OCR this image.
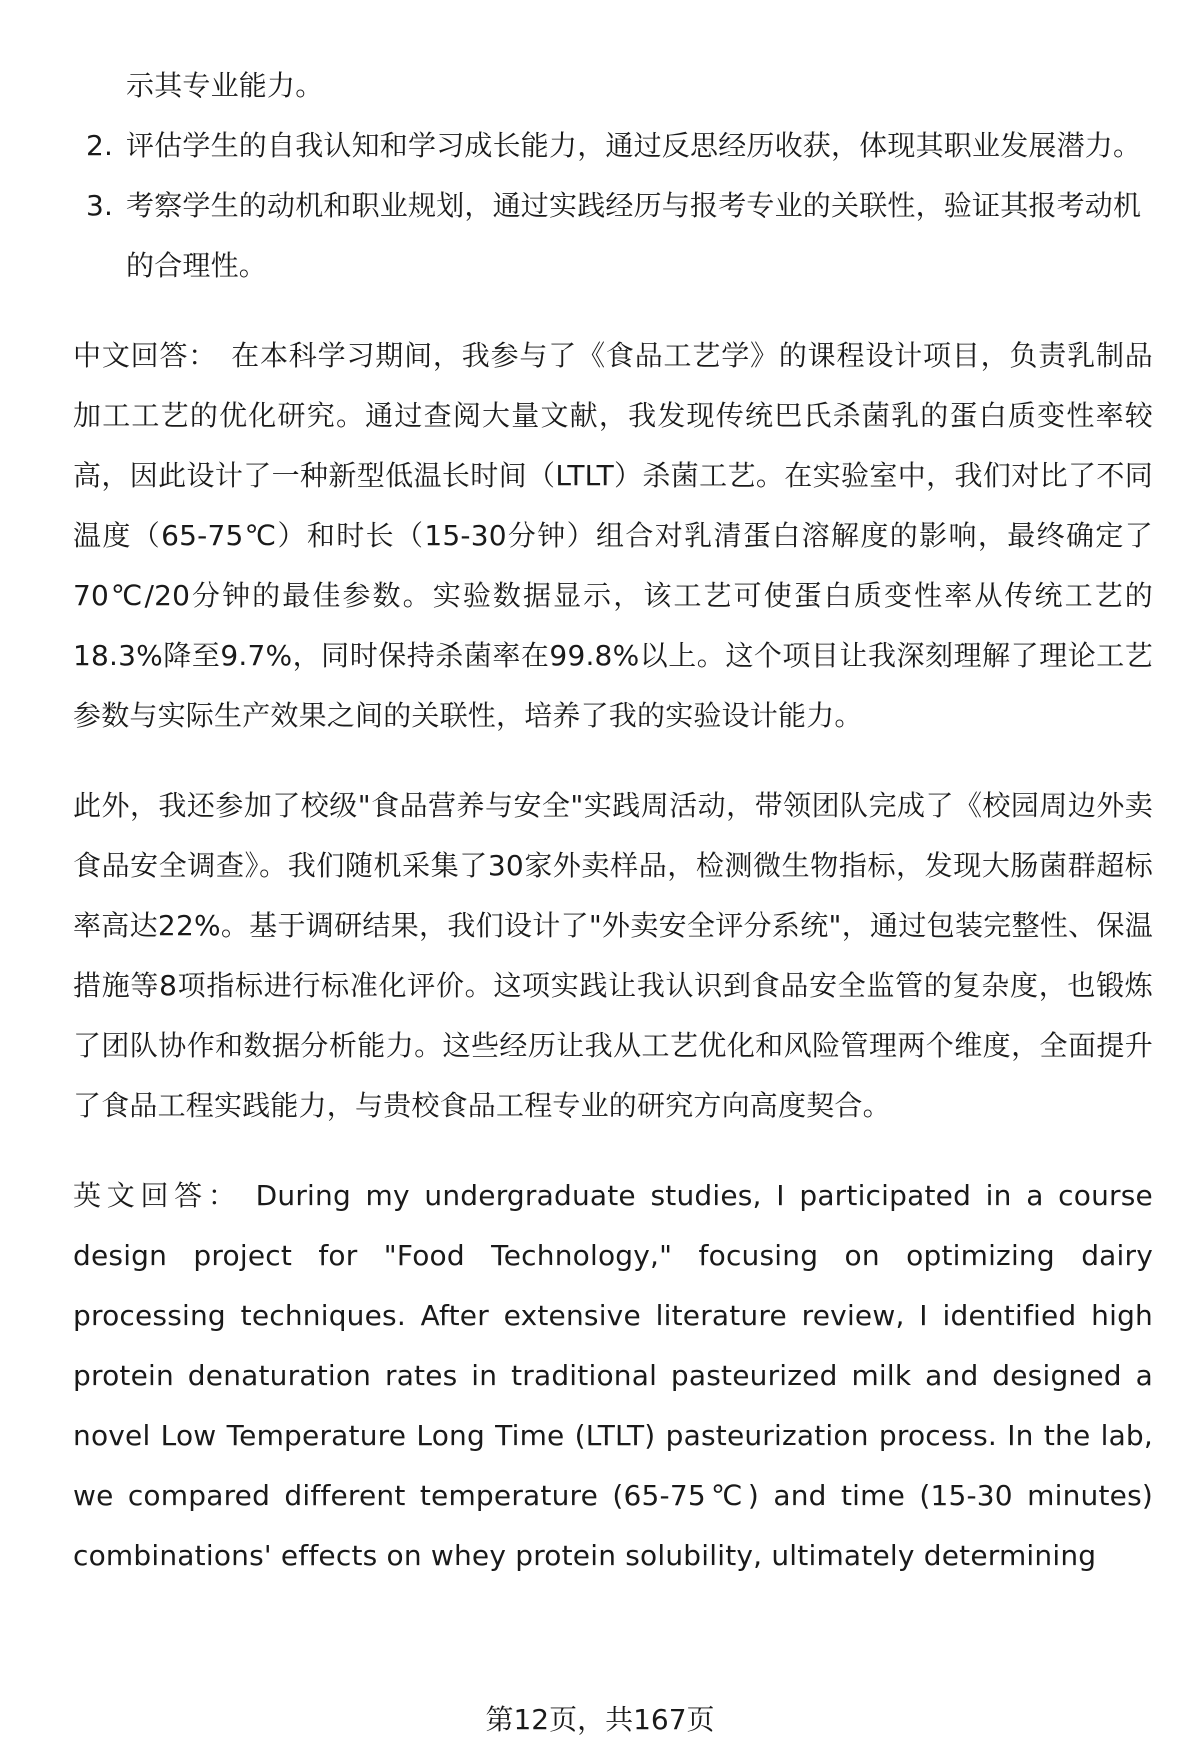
示其专业能力。
2. 评估学生的自我认知和学习成长能力，通过反思经历收获，体现其职业发展潜力。
3. 考察学生的动机和职业规划，通过实践经历与报考专业的关联性，验证其报考动机的合理性。

中文回答： 在本科学习期间，我参与了《食品工艺学》的课程设计项目，负责乳制品加工工艺的优化研究。通过查阅大量文献，我发现传统巴氏杀菌乳的蛋白质变性率较高，因此设计了一种新型低温长时间（LTLT）杀菌工艺。在实验室中，我们对比了不同温度（65-75℃）和时长（15-30分钟）组合对乳清蛋白溶解度的影响，最终确定了70℃/20分钟的最佳参数。实验数据显示，该工艺可使蛋白质变性率从传统工艺的18.3%降至9.7%，同时保持杀菌率在99.8%以上。这个项目让我深刻理解了理论工艺参数与实际生产效果之间的关联性，培养了我的实验设计能力。

此外，我还参加了校级"食品营养与安全"实践周活动，带领团队完成了《校园周边外卖食品安全调查》。我们随机采集了30家外卖样品，检测微生物指标，发现大肠菌群超标率高达22%。基于调研结果，我们设计了"外卖安全评分系统"，通过包装完整性、保温措施等8项指标进行标准化评价。这项实践让我认识到食品安全监管的复杂度，也锻炼了团队协作和数据分析能力。这些经历让我从工艺优化和风险管理两个维度，全面提升了食品工程实践能力，与贵校食品工程专业的研究方向高度契合。

英文回答： During my undergraduate studies, I participated in a course design project for "Food Technology," focusing on optimizing dairy processing techniques. After extensive literature review, I identified high protein denaturation rates in traditional pasteurized milk and designed a novel Low Temperature Long Time (LTLT) pasteurization process. In the lab, we compared different temperature (65-75℃) and time (15-30 minutes) combinations' effects on whey protein solubility, ultimately determining

第12页，共167页
